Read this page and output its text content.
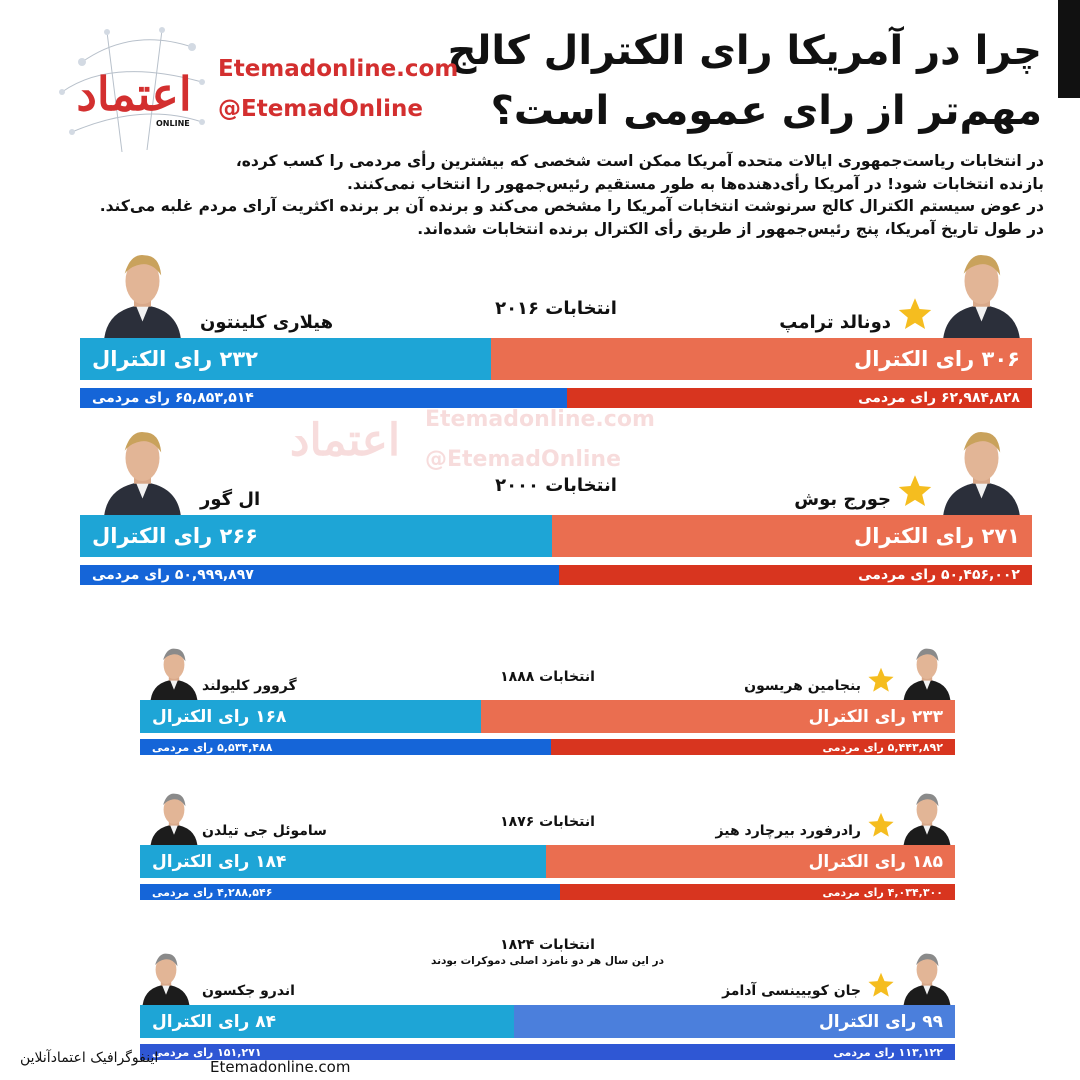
چرا در آمریکا رای الکترال کالج
مهم‌تر از رای عمومی است؟
اعتماد
ONLINE
Etemadonline.com
@EtemadOnline
در انتخابات ریاست‌جمهوری ایالات متحده آمریکا ممکن است شخصی که بیشترین رأی مردمی را کسب کرده،
بازنده انتخابات شود! در آمریکا رأی‌دهنده‌ها به طور مستقیم رئیس‌جمهور را انتخاب نمی‌کنند.
در عوض سیستم الکترال کالج سرنوشت انتخابات آمریکا را مشخص می‌کند و برنده آن بر برنده اکثریت آرای مردم غلبه می‌کند.
در طول تاریخ آمریکا، پنج رئیس‌جمهور از طریق رأی الکترال برنده انتخابات شده‌اند.
اعتماد Etemadonline.com
@EtemadOnline
انتخابات ۲۰۱۶
هیلاری کلینتون	دونالد ترامپ
۲۳۲ رای الکترال	۳۰۶ رای الکترال
۶۵,۸۵۳,۵۱۴ رای مردمی	۶۲,۹۸۴,۸۲۸ رای مردمی
انتخابات ۲۰۰۰
ال گور	جورج بوش
۲۶۶ رای الکترال	۲۷۱ رای الکترال
۵۰,۹۹۹,۸۹۷ رای مردمی	۵۰,۴۵۶,۰۰۲ رای مردمی
انتخابات ۱۸۸۸
گروور کلیولند	بنجامین هریسون
۱۶۸ رای الکترال	۲۳۳ رای الکترال
۵,۵۳۴,۴۸۸ رای مردمی	۵,۴۴۳,۸۹۲ رای مردمی
انتخابات ۱۸۷۶
ساموئل جی تیلدن	رادرفورد بیرچارد هیز
۱۸۴ رای الکترال	۱۸۵ رای الکترال
۴,۲۸۸,۵۴۶ رای مردمی	۴,۰۳۴,۳۰۰ رای مردمی
انتخابات ۱۸۲۴
در این سال هر دو نامزد اصلی دموکرات بودند
اندرو جکسون	جان کوییینسی آدامز
۸۴ رای الکترال	۹۹ رای الکترال
۱۵۱,۲۷۱ رای مردمی	۱۱۳,۱۲۲ رای مردمی
اینفوگرافیک اعتمادآنلاین	Etemadonline.com
